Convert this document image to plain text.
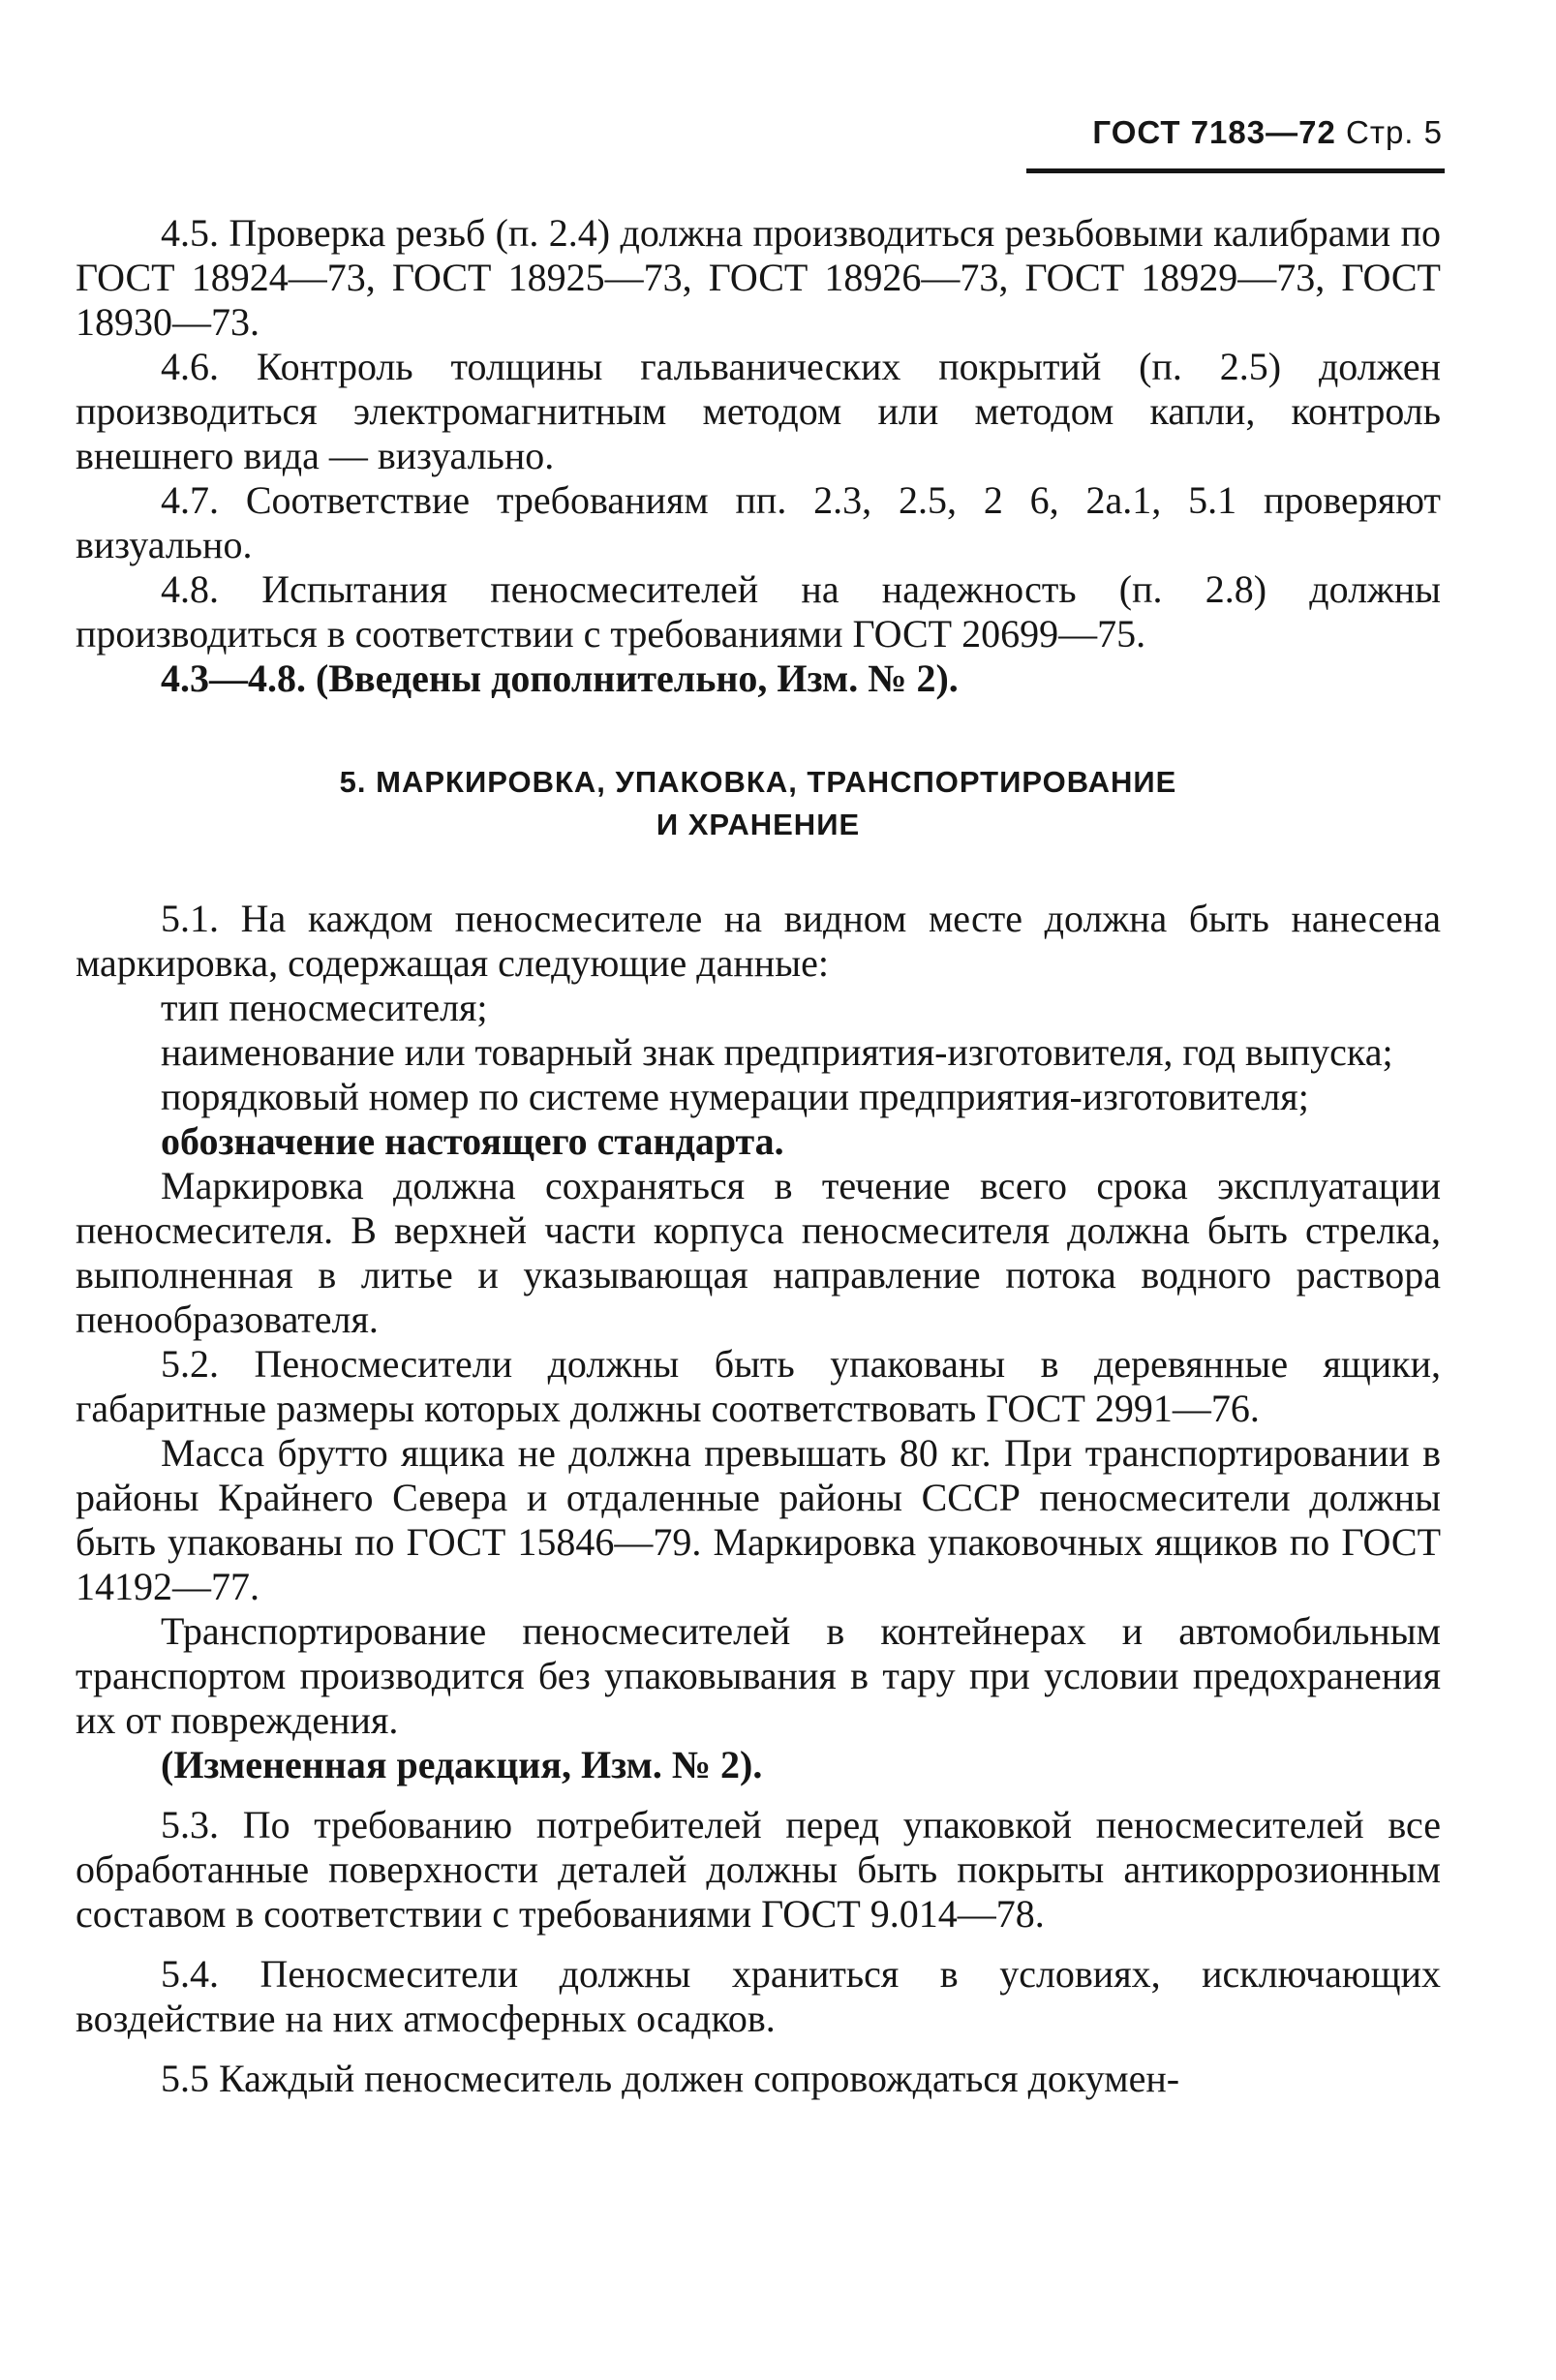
ГОСТ 7183—72 Стр. 5

4.5. Проверка резьб (п. 2.4) должна производиться резьбовыми калибрами по ГОСТ 18924—73, ГОСТ 18925—73, ГОСТ 18926—73, ГОСТ 18929—73, ГОСТ 18930—73.

4.6. Контроль толщины гальванических покрытий (п. 2.5) должен производиться электромагнитным методом или методом капли, контроль внешнего вида — визуально.

4.7. Соответствие требованиям пп. 2.3, 2.5, 2 6, 2а.1, 5.1 проверяют визуально.

4.8. Испытания пеносмесителей на надежность (п. 2.8) должны производиться в соответствии с требованиями ГОСТ 20699—75.

4.3—4.8. (Введены дополнительно, Изм. № 2).

5. МАРКИРОВКА, УПАКОВКА, ТРАНСПОРТИРОВАНИЕ
И ХРАНЕНИЕ

5.1. На каждом пеносмесителе на видном месте должна быть нанесена маркировка, содержащая следующие данные:

тип пеносмесителя;

наименование или товарный знак предприятия-изготовителя, год выпуска;

порядковый номер по системе нумерации предприятия-изготовителя;

обозначение настоящего стандарта.

Маркировка должна сохраняться в течение всего срока эксплуатации пеносмесителя. В верхней части корпуса пеносмесителя должна быть стрелка, выполненная в литье и указывающая направление потока водного раствора пенообразователя.

5.2. Пеносмесители должны быть упакованы в деревянные ящики, габаритные размеры которых должны соответствовать ГОСТ 2991—76.

Масса брутто ящика не должна превышать 80 кг. При транспортировании в районы Крайнего Севера и отдаленные районы СССР пеносмесители должны быть упакованы по ГОСТ 15846—79. Маркировка упаковочных ящиков по ГОСТ 14192—77.

Транспортирование пеносмесителей в контейнерах и автомобильным транспортом производится без упаковывания в тару при условии предохранения их от повреждения.

(Измененная редакция, Изм. № 2).

5.3. По требованию потребителей перед упаковкой пеносмесителей все обработанные поверхности деталей должны быть покрыты антикоррозионным составом в соответствии с требованиями ГОСТ 9.014—78.

5.4. Пеносмесители должны храниться в условиях, исключающих воздействие на них атмосферных осадков.

5.5 Каждый пеносмеситель должен сопровождаться докумен-
